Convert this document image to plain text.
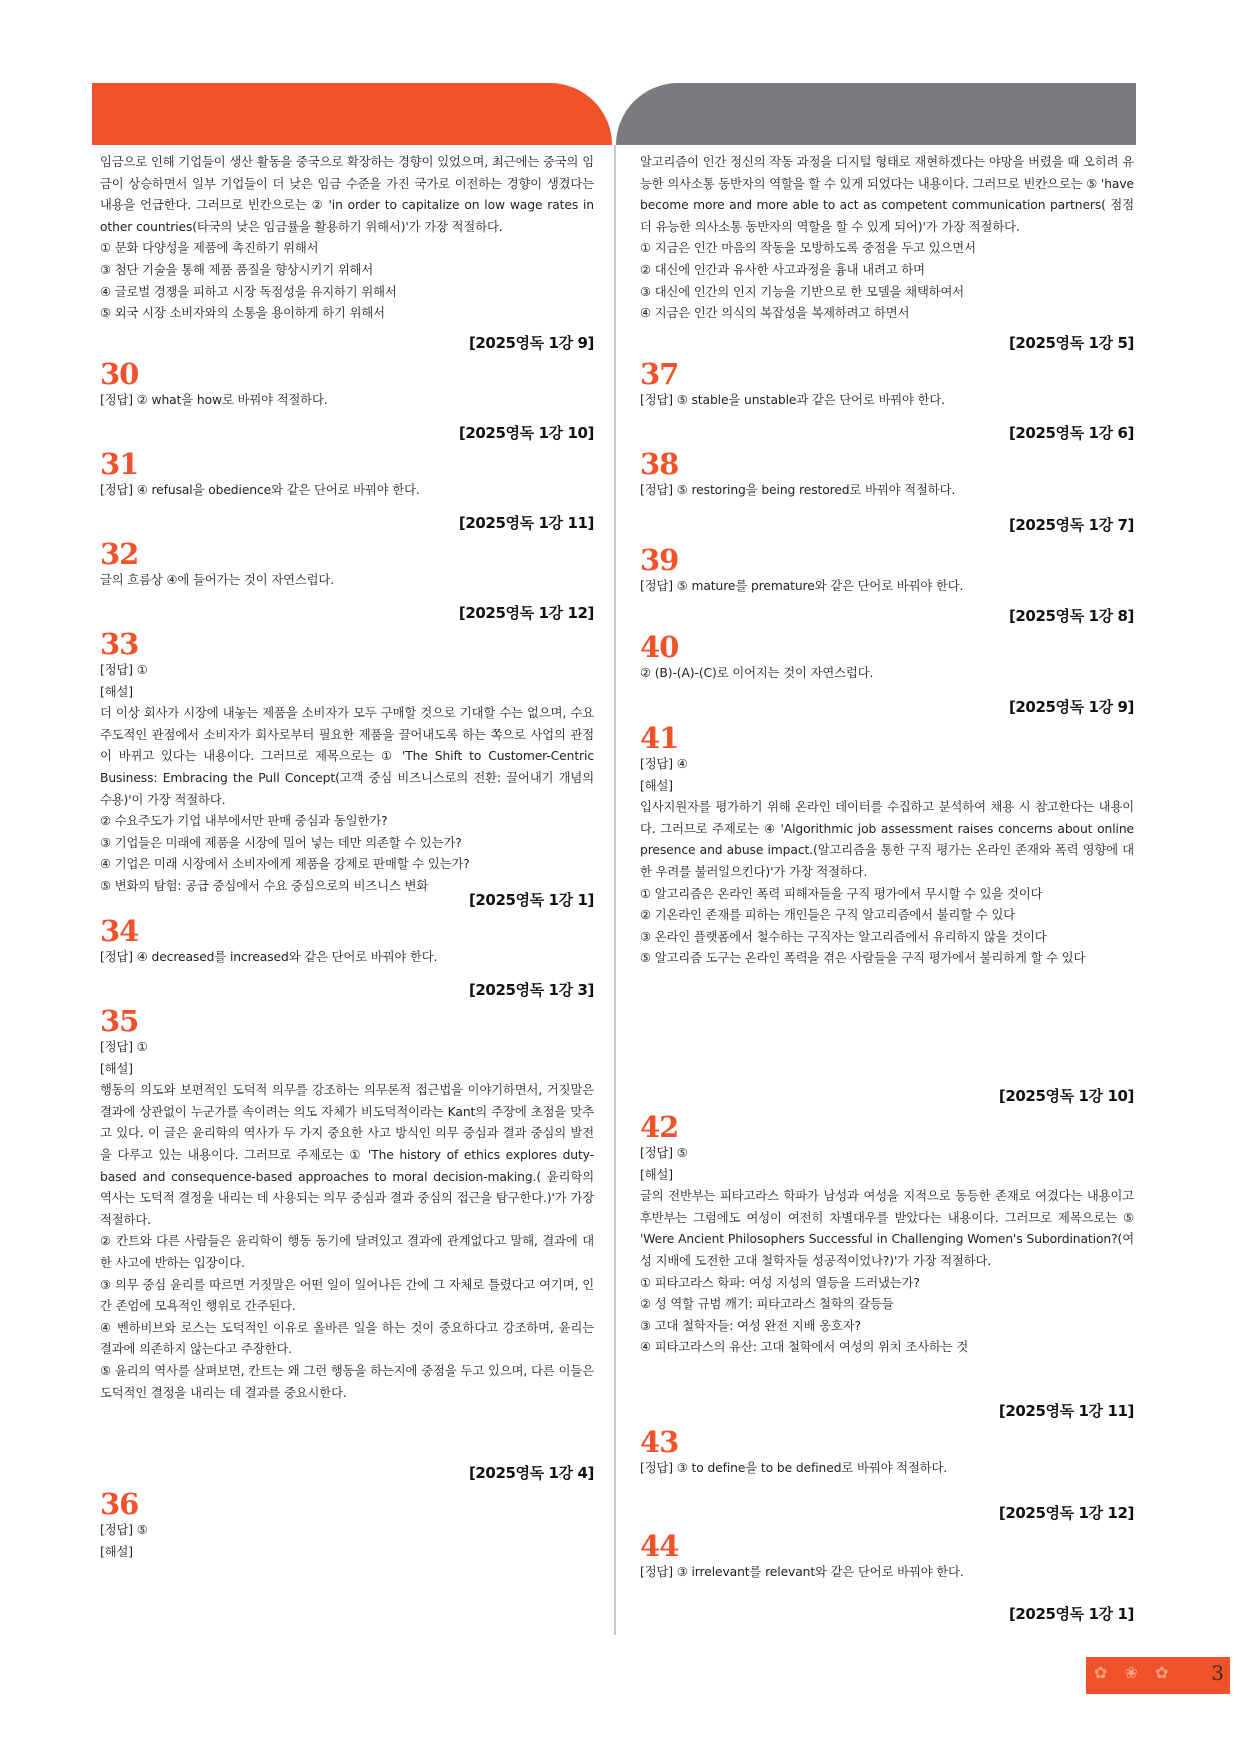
임금으로 인해 기업들이 생산 활동을 중국으로 확장하는 경향이 있었으며, 최근에는 중국의 임금이 상승하면서 일부 기업들이 더 낮은 임금 수준을 가진 국가로 이전하는 경향이 생겼다는 내용을 언급한다. 그러므로 빈칸으로는 ② 'in order to capitalize on low wage rates in other countries(타국의 낮은 임금률을 활용하기 위해서)'가 가장 적절하다.

① 문화 다양성을 제품에 촉진하기 위해서

③ 첨단 기술을 통해 제품 품질을 향상시키기 위해서

④ 글로벌 경쟁을 피하고 시장 독점성을 유지하기 위해서

⑤ 외국 시장 소비자와의 소통을 용이하게 하기 위해서

[2025영독 1강 9]

30

[정답] ② what을 how로 바꿔야 적절하다.

[2025영독 1강 10]

31

[정답] ④ refusal을 obedience와 같은 단어로 바꿔야 한다.

[2025영독 1강 11]

32

글의 흐름상 ④에 들어가는 것이 자연스럽다.

[2025영독 1강 12]

33

[정답] ①

[해설]

더 이상 회사가 시장에 내놓는 제품을 소비자가 모두 구매할 것으로 기대할 수는 없으며, 수요 주도적인 관점에서 소비자가 회사로부터 필요한 제품을 끌어내도록 하는 쪽으로 사업의 관점이 바뀌고 있다는 내용이다. 그러므로 제목으로는 ① 'The Shift to Customer-Centric Business: Embracing the Pull Concept(고객 중심 비즈니스로의 전환: 끌어내기 개념의 수용)'이 가장 적절하다.

② 수요주도가 기업 내부에서만 판매 중심과 동일한가?

③ 기업들은 미래에 제품을 시장에 밀어 넣는 데만 의존할 수 있는가?

④ 기업은 미래 시장에서 소비자에게 제품을 강제로 판매할 수 있는가?

⑤ 변화의 탐험: 공급 중심에서 수요 중심으로의 비즈니스 변화

[2025영독 1강 1]

34

[정답] ④ decreased를 increased와 같은 단어로 바꿔야 한다.

[2025영독 1강 3]

35

[정답] ①

[해설]

행동의 의도와 보편적인 도덕적 의무를 강조하는 의무론적 접근법을 이야기하면서, 거짓말은 결과에 상관없이 누군가를 속이려는 의도 자체가 비도덕적이라는 Kant의 주장에 초점을 맞추고 있다. 이 글은 윤리학의 역사가 두 가지 중요한 사고 방식인 의무 중심과 결과 중심의 발전을 다루고 있는 내용이다. 그러므로 주제로는 ① 'The history of ethics explores duty-based and consequence-based approaches to moral decision-making.( 윤리학의 역사는 도덕적 결정을 내리는 데 사용되는 의무 중심과 결과 중심의 접근을 탐구한다.)'가 가장 적절하다.

② 칸트와 다른 사람들은 윤리학이 행동 동기에 달려있고 결과에 관계없다고 말해, 결과에 대한 사고에 반하는 입장이다.

③ 의무 중심 윤리를 따르면 거짓말은 어떤 일이 일어나든 간에 그 자체로 틀렸다고 여기며, 인간 존엄에 모욕적인 행위로 간주된다.

④ 벤하비브와 로스는 도덕적인 이유로 올바른 일을 하는 것이 중요하다고 강조하며, 윤리는 결과에 의존하지 않는다고 주장한다.

⑤ 윤리의 역사를 살펴보면, 칸트는 왜 그런 행동을 하는지에 중점을 두고 있으며, 다른 이들은 도덕적인 결정을 내리는 데 결과를 중요시한다.

[2025영독 1강 4]

36

[정답] ⑤

[해설]

알고리즘이 인간 정신의 작동 과정을 디지털 형태로 재현하겠다는 야망을 버렸을 때 오히려 유능한 의사소통 동반자의 역할을 할 수 있게 되었다는 내용이다. 그러므로 빈칸으로는 ⑤ 'have become more and more able to act as competent communication partners( 점점 더 유능한 의사소통 동반자의 역할을 할 수 있게 되어)'가 가장 적절하다.

① 지금은 인간 마음의 작동을 모방하도록 중점을 두고 있으면서

② 대신에 인간과 유사한 사고과정을 흉내 내려고 하며

③ 대신에 인간의 인지 기능을 기반으로 한 모델을 채택하여서

④ 지금은 인간 의식의 복잡성을 복제하려고 하면서

[2025영독 1강 5]

37

[정답] ⑤ stable을 unstable과 같은 단어로 바꿔야 한다.

[2025영독 1강 6]

38

[정답] ⑤ restoring을 being restored로 바꿔야 적절하다.

[2025영독 1강 7]

39

[정답] ⑤ mature를 premature와 같은 단어로 바꿔야 한다.

[2025영독 1강 8]

40

② (B)-(A)-(C)로 이어지는 것이 자연스럽다.

[2025영독 1강 9]

41

[정답] ④

[해설]

입사지원자를 평가하기 위해 온라인 데이터를 수집하고 분석하여 채용 시 참고한다는 내용이다. 그러므로 주제로는 ④ 'Algorithmic job assessment raises concerns about online presence and abuse impact.(알고리즘을 통한 구직 평가는 온라인 존재와 폭력 영향에 대한 우려를 불러일으킨다)'가 가장 적절하다.

① 알고리즘은 온라인 폭력 피해자들을 구직 평가에서 무시할 수 있을 것이다

② 기온라인 존재를 피하는 개인들은 구직 알고리즘에서 불리할 수 있다

③ 온라인 플랫폼에서 철수하는 구직자는 알고리즘에서 유리하지 않을 것이다

⑤ 알고리즘 도구는 온라인 폭력을 겪은 사람들을 구직 평가에서 불리하게 할 수 있다

[2025영독 1강 10]

42

[정답] ⑤

[해설]

글의 전반부는 피타고라스 학파가 남성과 여성을 지적으로 동등한 존재로 여겼다는 내용이고 후반부는 그럼에도 여성이 여전히 차별대우를 받았다는 내용이다. 그러므로 제목으로는 ⑤ 'Were Ancient Philosophers Successful in Challenging Women's Subordination?(여성 지배에 도전한 고대 철학자들 성공적이었나?)'가 가장 적절하다.

① 피타고라스 학파: 여성 지성의 열등을 드러냈는가?

② 성 역할 규범 깨기: 피타고라스 철학의 갈등들

③ 고대 철학자들: 여성 완전 지배 옹호자?

④ 피타고라스의 유산: 고대 철학에서 여성의 위치 조사하는 것

[2025영독 1강 11]

43

[정답] ③ to define을 to be defined로 바꿔야 적절하다.

[2025영독 1강 12]

44

[정답] ③ irrelevant를 relevant와 같은 단어로 바꿔야 한다.

[2025영독 1강 1]

✿ ❀ ✿ 3
